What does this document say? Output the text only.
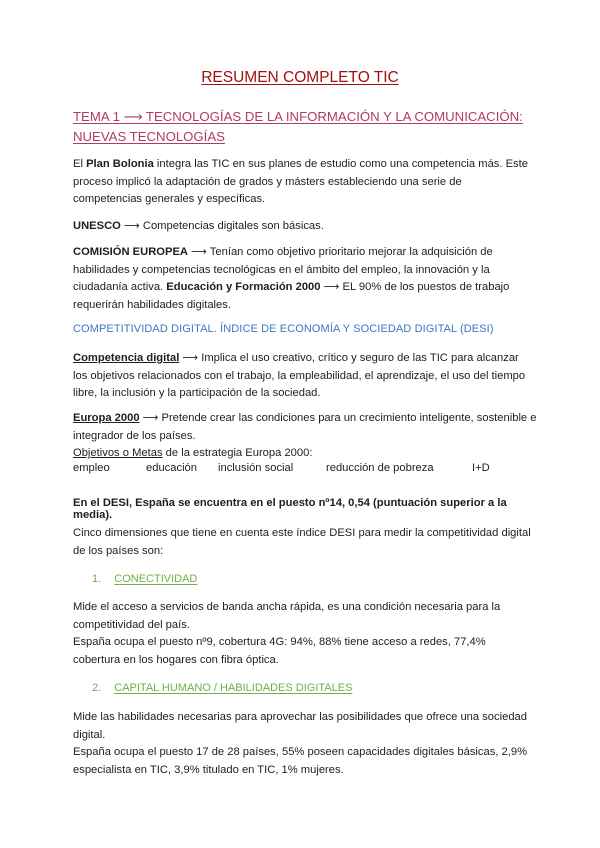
RESUMEN COMPLETO TIC
TEMA 1 ⟶ TECNOLOGÍAS DE LA INFORMACIÓN Y LA COMUNICACIÓN: NUEVAS TECNOLOGÍAS
El Plan Bolonia integra las TIC en sus planes de estudio como una competencia más. Este proceso implicó la adaptación de grados y másters estableciendo una serie de competencias generales y específicas.
UNESCO ⟶ Competencias digitales son básicas.
COMISIÓN EUROPEA ⟶ Tenían como objetivo prioritario mejorar la adquisición de habilidades y competencias tecnológicas en el ámbito del empleo, la innovación y la ciudadanía activa. Educación y Formación 2000 ⟶ EL 90% de los puestos de trabajo requerirán habilidades digitales.
COMPETITIVIDAD DIGITAL. ÍNDICE DE ECONOMÍA Y SOCIEDAD DIGITAL (DESI)
Competencia digital ⟶ Implica el uso creativo, crítico y seguro de las TIC para alcanzar los objetivos relacionados con el trabajo, la empleabilidad, el aprendizaje, el uso del tiempo libre, la inclusión y la participación de la sociedad.
Europa 2000 ⟶ Pretende crear las condiciones para un crecimiento inteligente, sostenible e integrador de los países.
Objetivos o Metas de la estrategia Europa 2000:
empleo	educación inclusión social	reducción de pobreza	I+D
En el DESI, España se encuentra en el puesto nº14, 0,54 (puntuación superior a la media).
Cinco dimensiones que tiene en cuenta este índice DESI para medir la competitividad digital de los países son:
1. CONECTIVIDAD
Mide el acceso a servicios de banda ancha rápida, es una condición necesaria para la competitividad del país.
España ocupa el puesto nº9, cobertura 4G: 94%, 88% tiene acceso a redes, 77,4% cobertura en los hogares con fibra óptica.
2. CAPITAL HUMANO / HABILIDADES DIGITALES
Mide las habilidades necesarias para aprovechar las posibilidades que ofrece una sociedad digital.
España ocupa el puesto 17 de 28 países, 55% poseen capacidades digitales básicas, 2,9% especialista en TIC, 3,9% titulado en TIC, 1% mujeres.
